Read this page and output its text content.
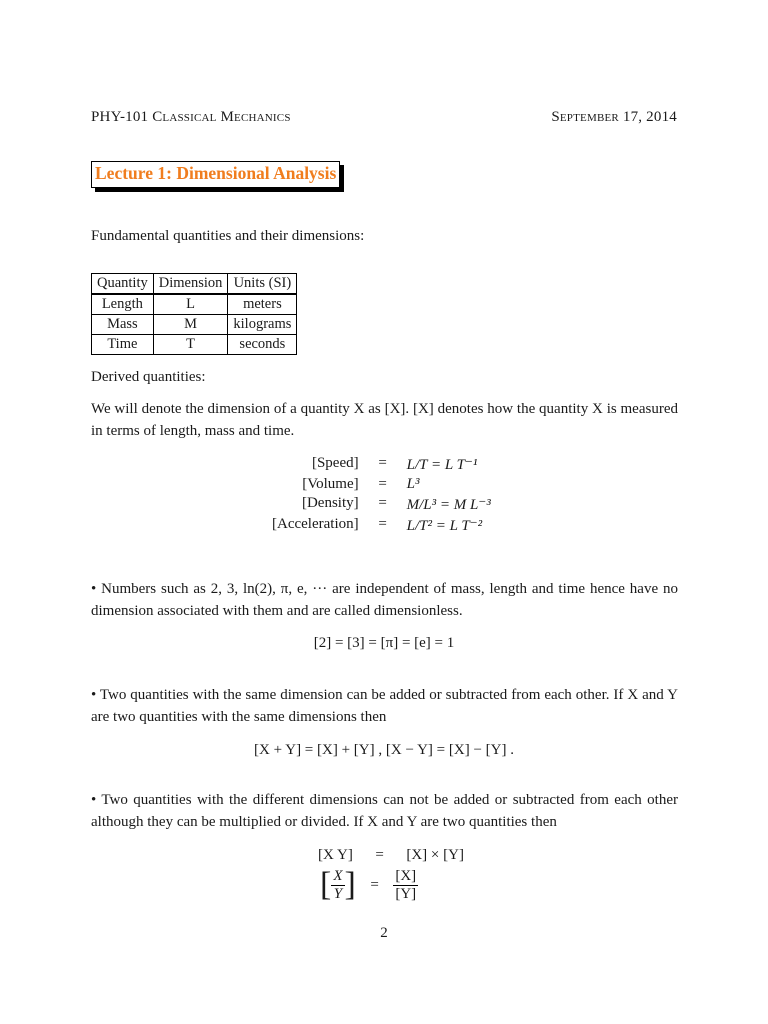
PHY-101 Classical Mechanics	September 17, 2014
Lecture 1: Dimensional Analysis
Fundamental quantities and their dimensions:
Quantity	Dimension	Units (SI)
Length	L	meters
Mass	M	kilograms
Time	T	seconds
Derived quantities:
We will denote the dimension of a quantity X as [X]. [X] denotes how the quantity X is measured in terms of length, mass and time.
[Speed]	=	L/T = L T⁻¹
[Volume]	=	L³
[Density]	=	M/L³ = M L⁻³
[Acceleration]	=	L/T² = L T⁻²
• Numbers such as 2, 3, ln(2), π, e, ··· are independent of mass, length and time hence have no dimension associated with them and are called dimensionless.
[2] = [3] = [π] = [e] = 1
• Two quantities with the same dimension can be added or subtracted from each other. If X and Y are two quantities with the same dimensions then
[X + Y] = [X] + [Y] , [X − Y] = [X] − [Y] .
• Two quantities with the different dimensions can not be added or subtracted from each other although they can be multiplied or divided. If X and Y are two quantities then
[X Y] = [X] × [Y]
[ $\frac{X}{Y}$ ] = $\frac{[X]}{[Y]}$
2
